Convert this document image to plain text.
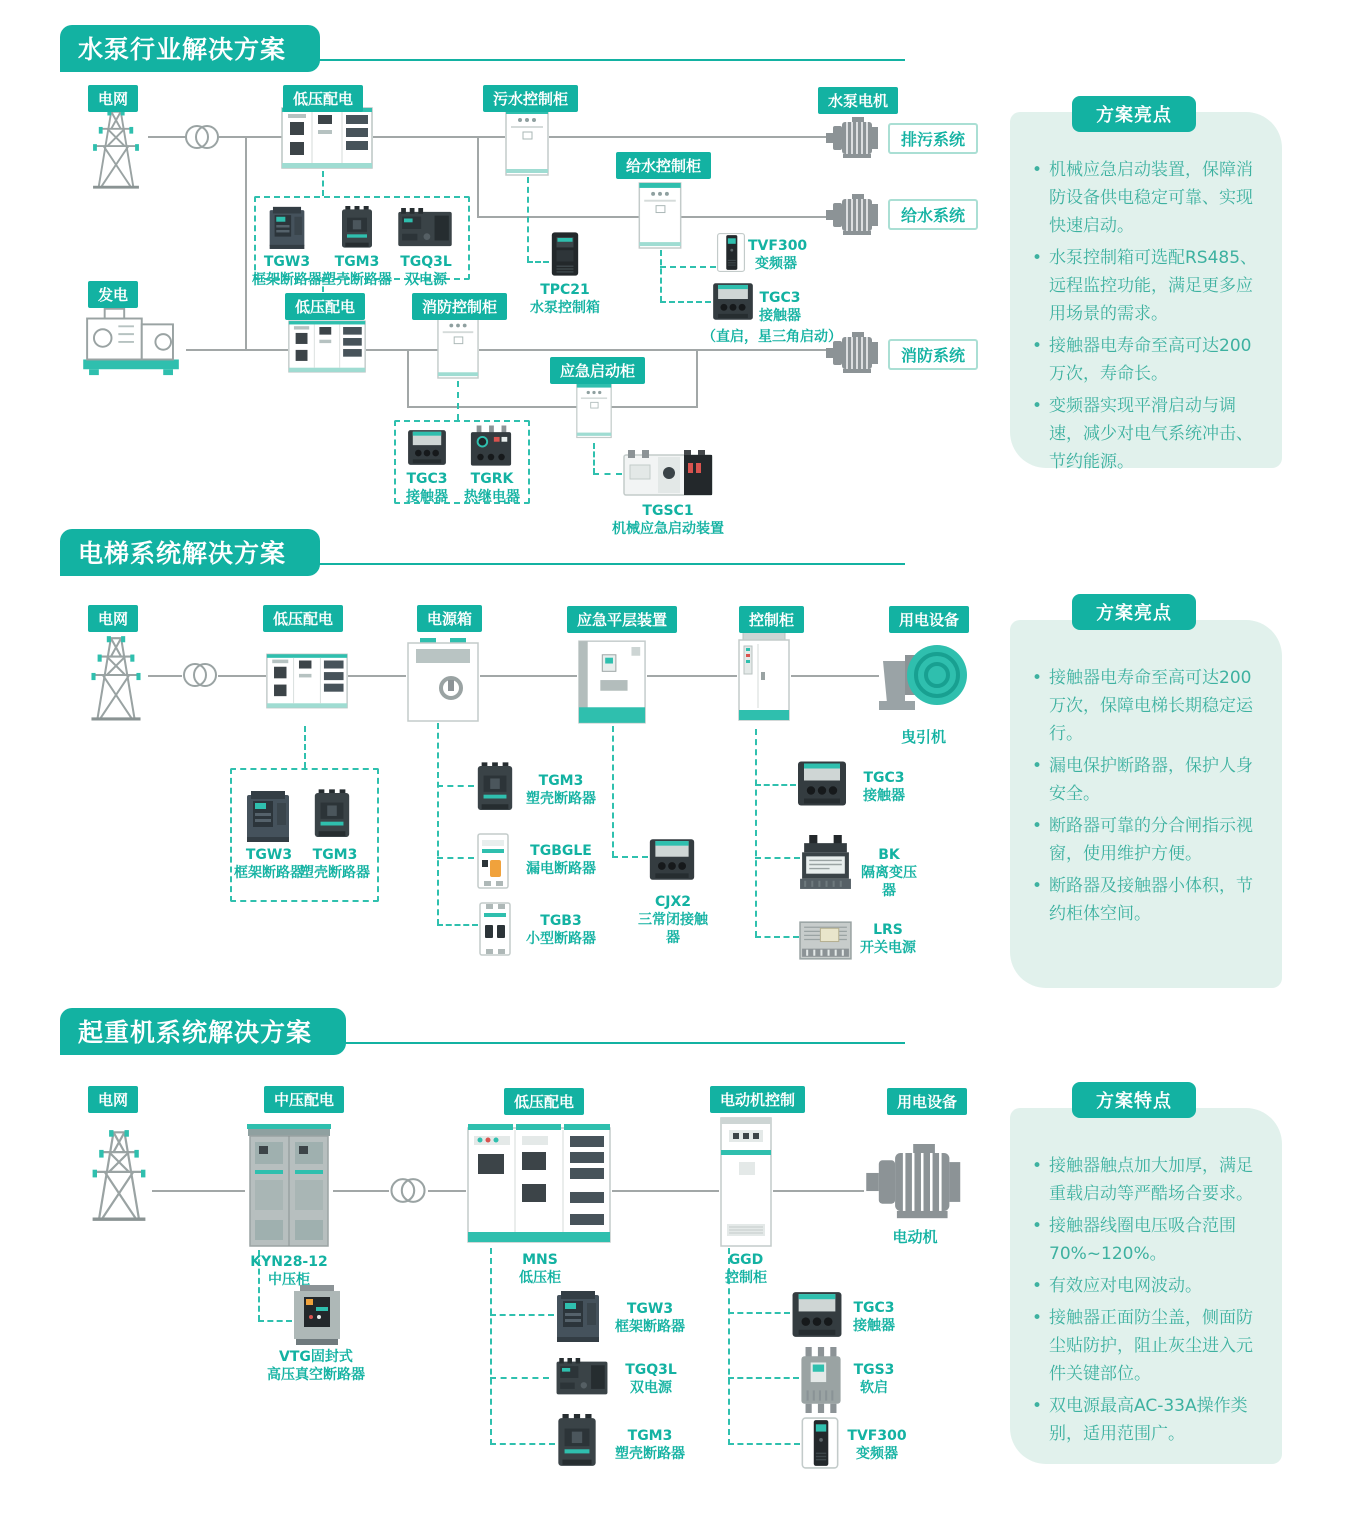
水泵行业解决方案
电网	低压配电	污水控制柜	水泵电机
排污系统
给水控制柜
给水系统
TGW3
框架断路器
TGM3
塑壳断路器
TGQ3L
双电源
TPC21
水泵控制箱
TVF300
变频器
TGC3
接触器
（直启，星三角启动）
发电
低压配电	消防控制柜
应急启动柜
消防系统
TGC3
接触器
TGRK
热继电器
TGSC1
机械应急启动装置
• 机械应急启动装置，保障消防设备供电稳定可靠、实现快速启动。
• 水泵控制箱可选配RS485、远程监控功能，满足更多应用场景的需求。
• 接触器电寿命至高可达200万次，寿命长。
• 变频器实现平滑启动与调速，减少对电气系统冲击、节约能源。
方案亮点
电梯系统解决方案
电网	低压配电	电源箱	应急平层装置	控制柜	用电设备
曳引机
TGW3
框架断路器
TGM3
塑壳断路器
TGM3
塑壳断路器
TGBGLE
漏电断路器
TGB3
小型断路器
CJX2
三常闭接触器
TGC3
接触器
BK
隔离变压器
LRS
开关电源
• 接触器电寿命至高可达200万次，保障电梯长期稳定运行。
• 漏电保护断路器，保护人身安全。
• 断路器可靠的分合闸指示视窗，使用维护方便。
• 断路器及接触器小体积，节约柜体空间。
方案亮点
起重机系统解决方案
电网	中压配电
KYN28-12
中压柜
低压配电
MNS
低压柜
电动机控制
GGD
控制柜
用电设备
电动机
VTG固封式
高压真空断路器
TGW3
框架断路器
TGQ3L
双电源
TGM3
塑壳断路器
TGC3
接触器
TGS3
软启
TVF300
变频器
• 接触器触点加大加厚，满足重载启动等严酷场合要求。
• 接触器线圈电压吸合范围70%~120%。
• 有效应对电网波动。
• 接触器正面防尘盖，侧面防尘贴防护，阻止灰尘进入元件关键部位。
• 双电源最高AC-33A操作类别，适用范围广。
方案特点
